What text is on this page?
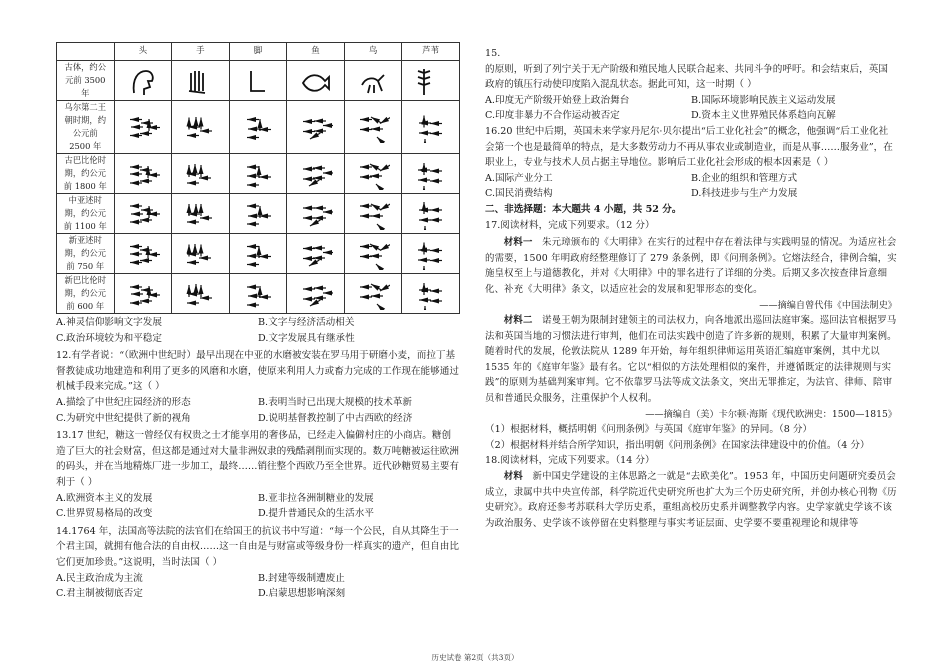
	头	手	脚	鱼	鸟	芦苇
古体，约公元前 3500 年	

乌尔第二王朝时期，约公元前 2500 年	

古巴比伦时期，约公元前 1800 年	

中亚述时期，约公元前 1100 年	

新亚述时期，约公元前 750 年	

新巴比伦时期，约公元前 600 年	

A.神灵信仰影响文字发展	B.文字与经济活动相关
C.政治环境较为和平稳定	D.文字发展具有继承性

12.有学者说：“（欧洲中世纪时）最早出现在中亚的水磨被安装在罗马用于研磨小麦，而拉丁基督教徒成功地建造和利用了更多的风磨和水磨，使原来利用人力或畜力完成的工作现在能够通过机械手段来完成。”这（ ）

A.描绘了中世纪庄园经济的形态	B.表明当时已出现大规模的技术革新
C.为研究中世纪提供了新的视角	D.说明基督教控制了中古西欧的经济

13.17 世纪，糖这一曾经仅有权贵之士才能享用的奢侈品，已经走入偏僻村庄的小商店。糖创造了巨大的社会财富，但这都是通过对大量非洲奴隶的残酷剥削而实现的。数万吨糖被运往欧洲的码头，并在当地精炼厂进一步加工，最终……销往整个西欧乃至全世界。近代砂糖贸易主要有利于（ ）

A.欧洲资本主义的发展	B.亚非拉各洲制糖业的发展
C.世界贸易格局的改变	D.提升普通民众的生活水平

14.1764 年，法国高等法院的法官们在给国王的抗议书中写道：“每一个公民，自从其降生于一个君主国，就拥有他合法的自由权……这一自由是与财富或等级身份一样真实的遗产，但自由比它们更加珍贵。”这说明，当时法国（ ）

A.民主政治成为主流	B.封建等级制遭废止
C.君主制被彻底否定	D.启蒙思想影响深刻

15.

的原则，听到了列宁关于无产阶级和殖民地人民联合起来、共同斗争的呼吁。和会结束后，英国政府的镇压行动使印度陷入混乱状态。据此可知，这一时期（ ）

A.印度无产阶级开始登上政治舞台	B.国际环境影响民族主义运动发展
C.印度非暴力不合作运动被否定	D.资本主义世界殖民体系趋向瓦解

16.20 世纪中后期，英国未来学家丹尼尔·贝尔提出“后工业化社会”的概念，他强调“后工业化社会第一个也是最简单的特点，是大多数劳动力不再从事农业或制造业，而是从事……服务业”，在职业上，专业与技术人员占据主导地位。影响后工业化社会形成的根本因素是（ ）

A.国际产业分工	B.企业的组织和管理方式
C.国民消费结构	D.科技进步与生产力发展

二、非选择题：本大题共 4 小题，共 52 分。

17.阅读材料，完成下列要求。（12 分）

材料一　 朱元璋颁布的《大明律》在实行的过程中存在着法律与实践明显的情况。为适应社会的需要，1500 年明政府经整理修订了 279 条条例，即《问刑条例》。它熔法经合，律例合编，实施皇权至上与道德教化，并对《大明律》中的罪名进行了详细的分类。后期又多次按查律旨意细化、补充《大明律》条文，以适应社会的发展和犯罪形态的变化。

——摘编自曾代伟《中国法制史》

材料二　 诺曼王朝为限制封建领主的司法权力，向各地派出巡回法庭审案。巡回法官根据罗马法和英国当地的习惯法进行审判，他们在司法实践中创造了许多新的规则，积累了大量审判案例。随着时代的发展，伦敦法院从 1289 年开始，每年组织律师运用英语汇编庭审案例，其中尤以 1535 年的《庭审年鉴》最有名。它以“相似的方法处理相似的案件，并遵循既定的法律规则与实践”的原则为基础判案审判。它不依靠罗马法等成文法条文，突出无罪推定，为法官、律师、陪审员和普通民众服务，注重保护个人权利。

——摘编自（美）卡尔顿·海斯《现代欧洲史：1500—1815》

（1）根据材料，概括明朝《问刑条例》与英国《庭审年鉴》的异同。（8 分）

（2）根据材料并结合所学知识，指出明朝《问刑条例》在国家法律建设中的价值。（4 分）

18.阅读材料，完成下列要求。（14 分）

材料　 新中国史学建设的主体思路之一就是“去欧美化”。1953 年，中国历史问题研究委员会成立，隶属中共中央宣传部，科学院近代史研究所也扩大为三个历史研究所，并创办核心刊物《历史研究》。政府还参考苏联科大学历史系，重组高校历史系并调整教学内容。史学家就史学该不该为政治服务、史学该不该停留在史料整理与事实考证层面、史学要不要重视理论和规律等

历史试卷 第2页（共3页）
